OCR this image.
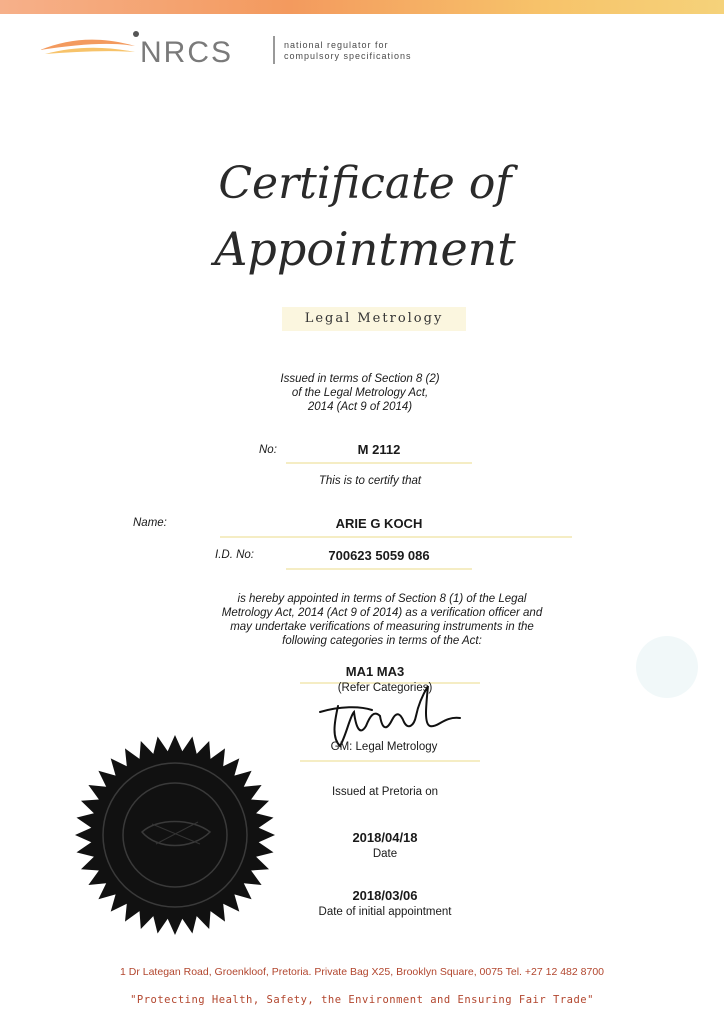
NRCS	national regulator for
compulsory specifications
Certificate of
Appointment
Legal Metrology
Issued in terms of Section 8 (2)
of the Legal Metrology Act,
2014 (Act 9 of 2014)
No:	M 2112
This is to certify that
Name:	ARIE G KOCH
I.D. No:	700623 5059 086
is hereby appointed in terms of Section 8 (1) of the Legal
Metrology Act, 2014 (Act 9 of 2014) as a verification officer and
may undertake verifications of measuring instruments in the
following categories in terms of the Act:
MA1 MA3
(Refer Categories)
GM: Legal Metrology
Issued at Pretoria on
2018/04/18
Date
2018/03/06
Date of initial appointment
1 Dr Lategan Road, Groenkloof, Pretoria. Private Bag X25, Brooklyn Square, 0075 Tel. +27 12 482 8700
"Protecting Health, Safety, the Environment and Ensuring Fair Trade"
